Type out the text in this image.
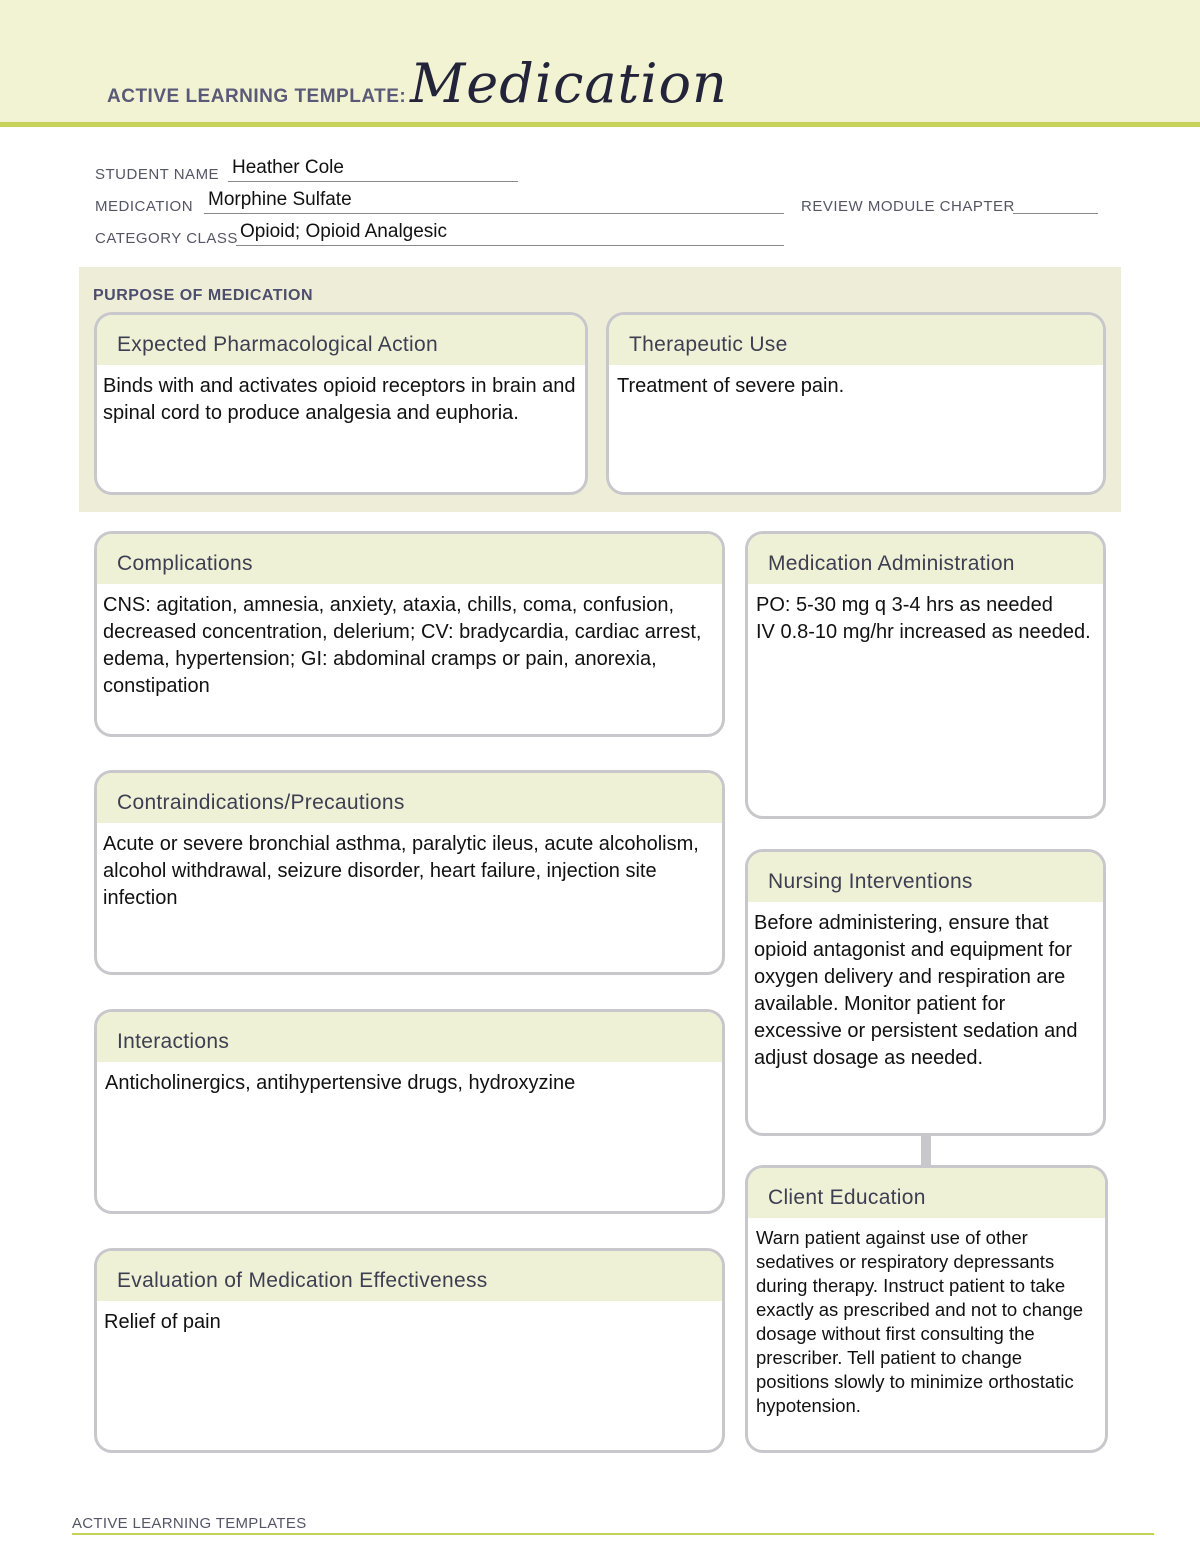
ACTIVE LEARNING TEMPLATE: Medication
STUDENT NAME Heather Cole
MEDICATION Morphine Sulfate	REVIEW MODULE CHAPTER
CATEGORY CLASS Opioid; Opioid Analgesic
PURPOSE OF MEDICATION
Expected Pharmacological Action
Binds with and activates opioid receptors in brain and spinal cord to produce analgesia and euphoria.
Therapeutic Use
Treatment of severe pain.
Complications
CNS: agitation, amnesia, anxiety, ataxia, chills, coma, confusion, decreased concentration, delerium; CV: bradycardia, cardiac arrest, edema, hypertension; GI: abdominal cramps or pain, anorexia, constipation
Contraindications/Precautions
Acute or severe bronchial asthma, paralytic ileus, acute alcoholism, alcohol withdrawal, seizure disorder, heart failure, injection site infection
Interactions
Anticholinergics, antihypertensive drugs, hydroxyzine
Evaluation of Medication Effectiveness
Relief of pain
Medication Administration
PO: 5-30 mg q 3-4 hrs as needed
IV 0.8-10 mg/hr increased as needed.
Nursing Interventions
Before administering, ensure that opioid antagonist and equipment for oxygen delivery and respiration are available. Monitor patient for excessive or persistent sedation and adjust dosage as needed.
Client Education
Warn patient against use of other sedatives or respiratory depressants during therapy. Instruct patient to take exactly as prescribed and not to change dosage without first consulting the prescriber. Tell patient to change positions slowly to minimize orthostatic hypotension.
ACTIVE LEARNING TEMPLATES
